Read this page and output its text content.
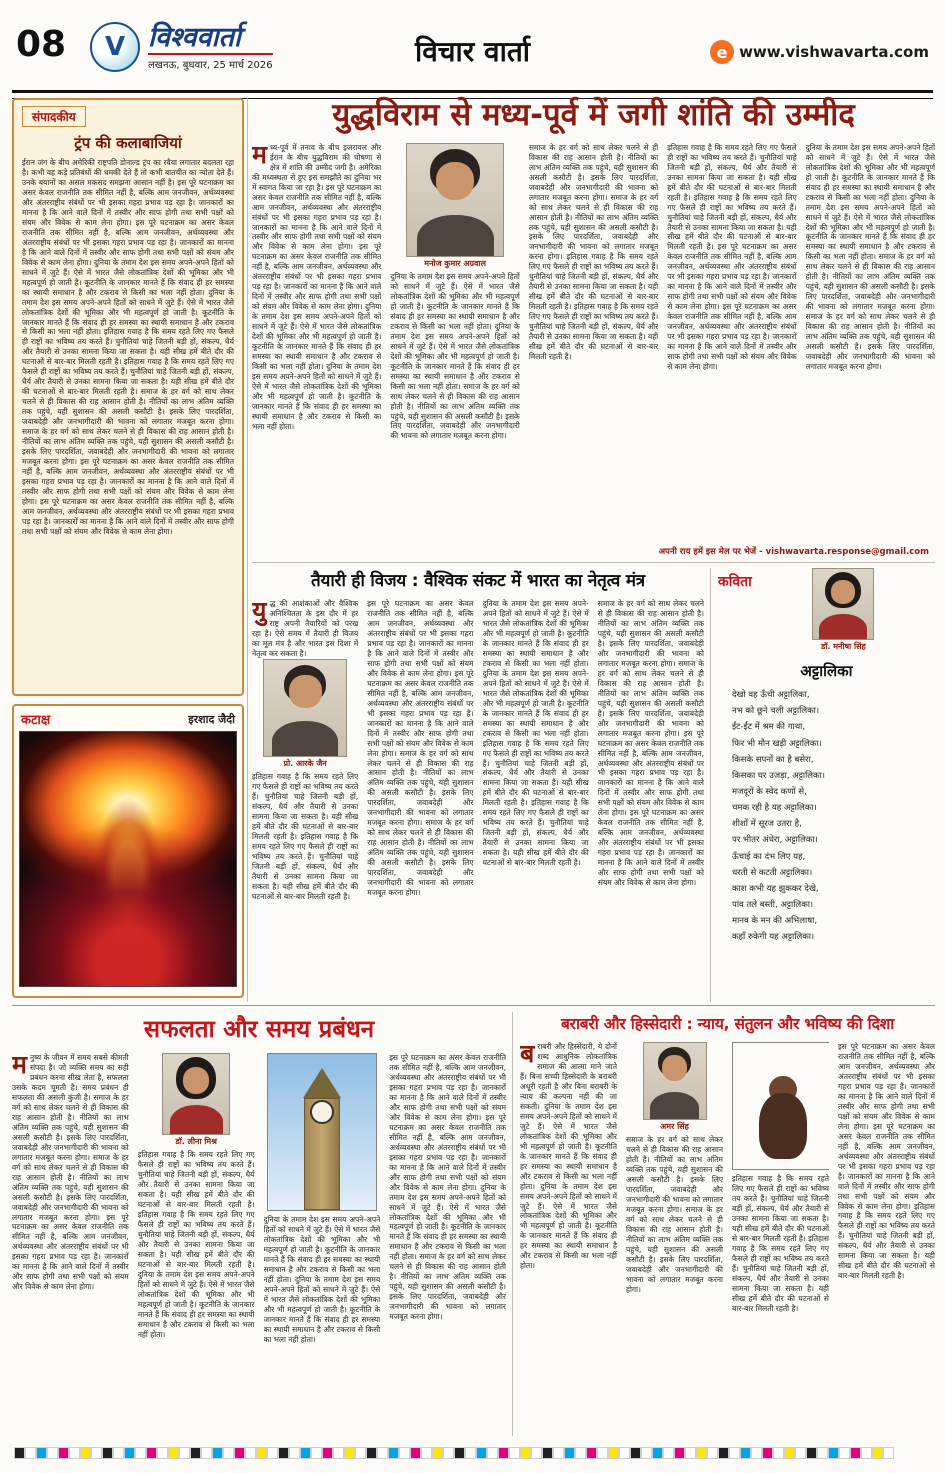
08	V विश्ववार्ता
लखनऊ, बुधवार, 25 मार्च 2026	विचार वार्ता	e www.vishwavarta.com
संपादकीय
ट्रंप की कलाबाजियां
ईरान जंग के बीच अमेरिकी राष्ट्रपति डोनाल्ड ट्रंप का रवैया लगातार बदलता रहा है। कभी वह कड़े प्रतिबंधों की धमकी देते हैं तो कभी बातचीत का न्योता देते हैं। उनके बयानों का असल मकसद समझना आसान नहीं है। इस पूरे घटनाक्रम का असर केवल राजनीति तक सीमित नहीं है, बल्कि आम जनजीवन, अर्थव्यवस्था और अंतरराष्ट्रीय संबंधों पर भी इसका गहरा प्रभाव पड़ रहा है। जानकारों का मानना है कि आने वाले दिनों में तस्वीर और साफ होगी तथा सभी पक्षों को संयम और विवेक से काम लेना होगा। इस पूरे घटनाक्रम का असर केवल राजनीति तक सीमित नहीं है, बल्कि आम जनजीवन, अर्थव्यवस्था और अंतरराष्ट्रीय संबंधों पर भी इसका गहरा प्रभाव पड़ रहा है। जानकारों का मानना है कि आने वाले दिनों में तस्वीर और साफ होगी तथा सभी पक्षों को संयम और विवेक से काम लेना होगा। दुनिया के तमाम देश इस समय अपने-अपने हितों को साधने में जुटे हैं। ऐसे में भारत जैसे लोकतांत्रिक देशों की भूमिका और भी महत्वपूर्ण हो जाती है। कूटनीति के जानकार मानते हैं कि संवाद ही हर समस्या का स्थायी समाधान है और टकराव से किसी का भला नहीं होता। दुनिया के तमाम देश इस समय अपने-अपने हितों को साधने में जुटे हैं। ऐसे में भारत जैसे लोकतांत्रिक देशों की भूमिका और भी महत्वपूर्ण हो जाती है। कूटनीति के जानकार मानते हैं कि संवाद ही हर समस्या का स्थायी समाधान है और टकराव से किसी का भला नहीं होता। इतिहास गवाह है कि समय रहते लिए गए फैसले ही राष्ट्रों का भविष्य तय करते हैं। चुनौतियां चाहे जितनी बड़ी हों, संकल्प, धैर्य और तैयारी से उनका सामना किया जा सकता है। यही सीख हमें बीते दौर की घटनाओं से बार-बार मिलती रहती है। इतिहास गवाह है कि समय रहते लिए गए फैसले ही राष्ट्रों का भविष्य तय करते हैं। चुनौतियां चाहे जितनी बड़ी हों, संकल्प, धैर्य और तैयारी से उनका सामना किया जा सकता है। यही सीख हमें बीते दौर की घटनाओं से बार-बार मिलती रहती है। समाज के हर वर्ग को साथ लेकर चलने से ही विकास की राह आसान होती है। नीतियों का लाभ अंतिम व्यक्ति तक पहुंचे, यही सुशासन की असली कसौटी है। इसके लिए पारदर्शिता, जवाबदेही और जनभागीदारी की भावना को लगातार मजबूत करना होगा। समाज के हर वर्ग को साथ लेकर चलने से ही विकास की राह आसान होती है। नीतियों का लाभ अंतिम व्यक्ति तक पहुंचे, यही सुशासन की असली कसौटी है। इसके लिए पारदर्शिता, जवाबदेही और जनभागीदारी की भावना को लगातार मजबूत करना होगा। इस पूरे घटनाक्रम का असर केवल राजनीति तक सीमित नहीं है, बल्कि आम जनजीवन, अर्थव्यवस्था और अंतरराष्ट्रीय संबंधों पर भी इसका गहरा प्रभाव पड़ रहा है। जानकारों का मानना है कि आने वाले दिनों में तस्वीर और साफ होगी तथा सभी पक्षों को संयम और विवेक से काम लेना होगा। इस पूरे घटनाक्रम का असर केवल राजनीति तक सीमित नहीं है, बल्कि आम जनजीवन, अर्थव्यवस्था और अंतरराष्ट्रीय संबंधों पर भी इसका गहरा प्रभाव पड़ रहा है। जानकारों का मानना है कि आने वाले दिनों में तस्वीर और साफ होगी तथा सभी पक्षों को संयम और विवेक से काम लेना होगा।
कटाक्ष	इरशाद जैदी
युद्धविराम से मध्य-पूर्व में जगी शांति की उम्मीद
म ध्य-पूर्व में तनाव के बीच इजरायल और ईरान के बीच युद्धविराम की घोषणा से क्षेत्र में शांति की उम्मीद जगी है। अमेरिका की मध्यस्थता से हुए इस समझौते का दुनिया भर में स्वागत किया जा रहा है। इस पूरे घटनाक्रम का असर केवल राजनीति तक सीमित नहीं है, बल्कि आम जनजीवन, अर्थव्यवस्था और अंतरराष्ट्रीय संबंधों पर भी इसका गहरा प्रभाव पड़ रहा है। जानकारों का मानना है कि आने वाले दिनों में तस्वीर और साफ होगी तथा सभी पक्षों को संयम और विवेक से काम लेना होगा। इस पूरे घटनाक्रम का असर केवल राजनीति तक सीमित नहीं है, बल्कि आम जनजीवन, अर्थव्यवस्था और अंतरराष्ट्रीय संबंधों पर भी इसका गहरा प्रभाव पड़ रहा है। जानकारों का मानना है कि आने वाले दिनों में तस्वीर और साफ होगी तथा सभी पक्षों को संयम और विवेक से काम लेना होगा। दुनिया के तमाम देश इस समय अपने-अपने हितों को साधने में जुटे हैं। ऐसे में भारत जैसे लोकतांत्रिक देशों की भूमिका और भी महत्वपूर्ण हो जाती है। कूटनीति के जानकार मानते हैं कि संवाद ही हर समस्या का स्थायी समाधान है और टकराव से किसी का भला नहीं होता। दुनिया के तमाम देश इस समय अपने-अपने हितों को साधने में जुटे हैं। ऐसे में भारत जैसे लोकतांत्रिक देशों की भूमिका और भी महत्वपूर्ण हो जाती है। कूटनीति के जानकार मानते हैं कि संवाद ही हर समस्या का स्थायी समाधान है और टकराव से किसी का भला नहीं होता।
मनोज कुमार अग्रवाल
दुनिया के तमाम देश इस समय अपने-अपने हितों को साधने में जुटे हैं। ऐसे में भारत जैसे लोकतांत्रिक देशों की भूमिका और भी महत्वपूर्ण हो जाती है। कूटनीति के जानकार मानते हैं कि संवाद ही हर समस्या का स्थायी समाधान है और टकराव से किसी का भला नहीं होता। दुनिया के तमाम देश इस समय अपने-अपने हितों को साधने में जुटे हैं। ऐसे में भारत जैसे लोकतांत्रिक देशों की भूमिका और भी महत्वपूर्ण हो जाती है। कूटनीति के जानकार मानते हैं कि संवाद ही हर समस्या का स्थायी समाधान है और टकराव से किसी का भला नहीं होता। समाज के हर वर्ग को साथ लेकर चलने से ही विकास की राह आसान होती है। नीतियों का लाभ अंतिम व्यक्ति तक पहुंचे, यही सुशासन की असली कसौटी है। इसके लिए पारदर्शिता, जवाबदेही और जनभागीदारी की भावना को लगातार मजबूत करना होगा।
समाज के हर वर्ग को साथ लेकर चलने से ही विकास की राह आसान होती है। नीतियों का लाभ अंतिम व्यक्ति तक पहुंचे, यही सुशासन की असली कसौटी है। इसके लिए पारदर्शिता, जवाबदेही और जनभागीदारी की भावना को लगातार मजबूत करना होगा। समाज के हर वर्ग को साथ लेकर चलने से ही विकास की राह आसान होती है। नीतियों का लाभ अंतिम व्यक्ति तक पहुंचे, यही सुशासन की असली कसौटी है। इसके लिए पारदर्शिता, जवाबदेही और जनभागीदारी की भावना को लगातार मजबूत करना होगा। इतिहास गवाह है कि समय रहते लिए गए फैसले ही राष्ट्रों का भविष्य तय करते हैं। चुनौतियां चाहे जितनी बड़ी हों, संकल्प, धैर्य और तैयारी से उनका सामना किया जा सकता है। यही सीख हमें बीते दौर की घटनाओं से बार-बार मिलती रहती है। इतिहास गवाह है कि समय रहते लिए गए फैसले ही राष्ट्रों का भविष्य तय करते हैं। चुनौतियां चाहे जितनी बड़ी हों, संकल्प, धैर्य और तैयारी से उनका सामना किया जा सकता है। यही सीख हमें बीते दौर की घटनाओं से बार-बार मिलती रहती है।
इतिहास गवाह है कि समय रहते लिए गए फैसले ही राष्ट्रों का भविष्य तय करते हैं। चुनौतियां चाहे जितनी बड़ी हों, संकल्प, धैर्य और तैयारी से उनका सामना किया जा सकता है। यही सीख हमें बीते दौर की घटनाओं से बार-बार मिलती रहती है। इतिहास गवाह है कि समय रहते लिए गए फैसले ही राष्ट्रों का भविष्य तय करते हैं। चुनौतियां चाहे जितनी बड़ी हों, संकल्प, धैर्य और तैयारी से उनका सामना किया जा सकता है। यही सीख हमें बीते दौर की घटनाओं से बार-बार मिलती रहती है। इस पूरे घटनाक्रम का असर केवल राजनीति तक सीमित नहीं है, बल्कि आम जनजीवन, अर्थव्यवस्था और अंतरराष्ट्रीय संबंधों पर भी इसका गहरा प्रभाव पड़ रहा है। जानकारों का मानना है कि आने वाले दिनों में तस्वीर और साफ होगी तथा सभी पक्षों को संयम और विवेक से काम लेना होगा। इस पूरे घटनाक्रम का असर केवल राजनीति तक सीमित नहीं है, बल्कि आम जनजीवन, अर्थव्यवस्था और अंतरराष्ट्रीय संबंधों पर भी इसका गहरा प्रभाव पड़ रहा है। जानकारों का मानना है कि आने वाले दिनों में तस्वीर और साफ होगी तथा सभी पक्षों को संयम और विवेक से काम लेना होगा।
दुनिया के तमाम देश इस समय अपने-अपने हितों को साधने में जुटे हैं। ऐसे में भारत जैसे लोकतांत्रिक देशों की भूमिका और भी महत्वपूर्ण हो जाती है। कूटनीति के जानकार मानते हैं कि संवाद ही हर समस्या का स्थायी समाधान है और टकराव से किसी का भला नहीं होता। दुनिया के तमाम देश इस समय अपने-अपने हितों को साधने में जुटे हैं। ऐसे में भारत जैसे लोकतांत्रिक देशों की भूमिका और भी महत्वपूर्ण हो जाती है। कूटनीति के जानकार मानते हैं कि संवाद ही हर समस्या का स्थायी समाधान है और टकराव से किसी का भला नहीं होता। समाज के हर वर्ग को साथ लेकर चलने से ही विकास की राह आसान होती है। नीतियों का लाभ अंतिम व्यक्ति तक पहुंचे, यही सुशासन की असली कसौटी है। इसके लिए पारदर्शिता, जवाबदेही और जनभागीदारी की भावना को लगातार मजबूत करना होगा। समाज के हर वर्ग को साथ लेकर चलने से ही विकास की राह आसान होती है। नीतियों का लाभ अंतिम व्यक्ति तक पहुंचे, यही सुशासन की असली कसौटी है। इसके लिए पारदर्शिता, जवाबदेही और जनभागीदारी की भावना को लगातार मजबूत करना होगा।
अपनी राय हमें इस मेल पर भेजें - vishwavarta.response@gmail.com
तैयारी ही विजय : वैश्विक संकट में भारत का नेतृत्व मंत्र
यु द्ध की आशंकाओं और वैश्विक अनिश्चितता के इस दौर में हर राष्ट्र अपनी तैयारियों को परख रहा है। ऐसे समय में तैयारी ही विजय का मूल मंत्र है और भारत इस दिशा में नेतृत्व कर सकता है।
प्रो. आरके जैन
इतिहास गवाह है कि समय रहते लिए गए फैसले ही राष्ट्रों का भविष्य तय करते हैं। चुनौतियां चाहे जितनी बड़ी हों, संकल्प, धैर्य और तैयारी से उनका सामना किया जा सकता है। यही सीख हमें बीते दौर की घटनाओं से बार-बार मिलती रहती है। इतिहास गवाह है कि समय रहते लिए गए फैसले ही राष्ट्रों का भविष्य तय करते हैं। चुनौतियां चाहे जितनी बड़ी हों, संकल्प, धैर्य और तैयारी से उनका सामना किया जा सकता है। यही सीख हमें बीते दौर की घटनाओं से बार-बार मिलती रहती है।
इस पूरे घटनाक्रम का असर केवल राजनीति तक सीमित नहीं है, बल्कि आम जनजीवन, अर्थव्यवस्था और अंतरराष्ट्रीय संबंधों पर भी इसका गहरा प्रभाव पड़ रहा है। जानकारों का मानना है कि आने वाले दिनों में तस्वीर और साफ होगी तथा सभी पक्षों को संयम और विवेक से काम लेना होगा। इस पूरे घटनाक्रम का असर केवल राजनीति तक सीमित नहीं है, बल्कि आम जनजीवन, अर्थव्यवस्था और अंतरराष्ट्रीय संबंधों पर भी इसका गहरा प्रभाव पड़ रहा है। जानकारों का मानना है कि आने वाले दिनों में तस्वीर और साफ होगी तथा सभी पक्षों को संयम और विवेक से काम लेना होगा। समाज के हर वर्ग को साथ लेकर चलने से ही विकास की राह आसान होती है। नीतियों का लाभ अंतिम व्यक्ति तक पहुंचे, यही सुशासन की असली कसौटी है। इसके लिए पारदर्शिता, जवाबदेही और जनभागीदारी की भावना को लगातार मजबूत करना होगा। समाज के हर वर्ग को साथ लेकर चलने से ही विकास की राह आसान होती है। नीतियों का लाभ अंतिम व्यक्ति तक पहुंचे, यही सुशासन की असली कसौटी है। इसके लिए पारदर्शिता, जवाबदेही और जनभागीदारी की भावना को लगातार मजबूत करना होगा।
दुनिया के तमाम देश इस समय अपने-अपने हितों को साधने में जुटे हैं। ऐसे में भारत जैसे लोकतांत्रिक देशों की भूमिका और भी महत्वपूर्ण हो जाती है। कूटनीति के जानकार मानते हैं कि संवाद ही हर समस्या का स्थायी समाधान है और टकराव से किसी का भला नहीं होता। दुनिया के तमाम देश इस समय अपने-अपने हितों को साधने में जुटे हैं। ऐसे में भारत जैसे लोकतांत्रिक देशों की भूमिका और भी महत्वपूर्ण हो जाती है। कूटनीति के जानकार मानते हैं कि संवाद ही हर समस्या का स्थायी समाधान है और टकराव से किसी का भला नहीं होता। इतिहास गवाह है कि समय रहते लिए गए फैसले ही राष्ट्रों का भविष्य तय करते हैं। चुनौतियां चाहे जितनी बड़ी हों, संकल्प, धैर्य और तैयारी से उनका सामना किया जा सकता है। यही सीख हमें बीते दौर की घटनाओं से बार-बार मिलती रहती है। इतिहास गवाह है कि समय रहते लिए गए फैसले ही राष्ट्रों का भविष्य तय करते हैं। चुनौतियां चाहे जितनी बड़ी हों, संकल्प, धैर्य और तैयारी से उनका सामना किया जा सकता है। यही सीख हमें बीते दौर की घटनाओं से बार-बार मिलती रहती है।
समाज के हर वर्ग को साथ लेकर चलने से ही विकास की राह आसान होती है। नीतियों का लाभ अंतिम व्यक्ति तक पहुंचे, यही सुशासन की असली कसौटी है। इसके लिए पारदर्शिता, जवाबदेही और जनभागीदारी की भावना को लगातार मजबूत करना होगा। समाज के हर वर्ग को साथ लेकर चलने से ही विकास की राह आसान होती है। नीतियों का लाभ अंतिम व्यक्ति तक पहुंचे, यही सुशासन की असली कसौटी है। इसके लिए पारदर्शिता, जवाबदेही और जनभागीदारी की भावना को लगातार मजबूत करना होगा। इस पूरे घटनाक्रम का असर केवल राजनीति तक सीमित नहीं है, बल्कि आम जनजीवन, अर्थव्यवस्था और अंतरराष्ट्रीय संबंधों पर भी इसका गहरा प्रभाव पड़ रहा है। जानकारों का मानना है कि आने वाले दिनों में तस्वीर और साफ होगी तथा सभी पक्षों को संयम और विवेक से काम लेना होगा। इस पूरे घटनाक्रम का असर केवल राजनीति तक सीमित नहीं है, बल्कि आम जनजीवन, अर्थव्यवस्था और अंतरराष्ट्रीय संबंधों पर भी इसका गहरा प्रभाव पड़ रहा है। जानकारों का मानना है कि आने वाले दिनों में तस्वीर और साफ होगी तथा सभी पक्षों को संयम और विवेक से काम लेना होगा।
कविता
डॉ. मनीषा सिंह
अट्टालिका
देखो वह ऊँची अट्टालिका,
नभ को छूने चली अट्टालिका।
ईंट-ईंट में श्रम की गाथा,
फिर भी मौन खड़ी अट्टालिका।
किसके सपनों का है बसेरा,
किसका घर उजड़ा, अट्टालिका।
मजदूरों के स्वेद कणों से,
चमक रही है यह अट्टालिका।
शीशों में सूरज उतरा है,
पर भीतर अंधेरा, अट्टालिका।
ऊँचाई का दंभ लिए यह,
धरती से कटती अट्टालिका।
काश कभी यह झुककर देखे,
पांव तले बस्ती, अट्टालिका।
मानव के मन की अभिलाषा,
कहाँ रुकेगी यह अट्टालिका।
सफलता और समय प्रबंधन
म नुष्य के जीवन में समय सबसे कीमती संपदा है। जो व्यक्ति समय का सही प्रबंधन करना सीख लेता है, सफलता उसके कदम चूमती है। समय प्रबंधन ही सफलता की असली कुंजी है। समाज के हर वर्ग को साथ लेकर चलने से ही विकास की राह आसान होती है। नीतियों का लाभ अंतिम व्यक्ति तक पहुंचे, यही सुशासन की असली कसौटी है। इसके लिए पारदर्शिता, जवाबदेही और जनभागीदारी की भावना को लगातार मजबूत करना होगा। समाज के हर वर्ग को साथ लेकर चलने से ही विकास की राह आसान होती है। नीतियों का लाभ अंतिम व्यक्ति तक पहुंचे, यही सुशासन की असली कसौटी है। इसके लिए पारदर्शिता, जवाबदेही और जनभागीदारी की भावना को लगातार मजबूत करना होगा। इस पूरे घटनाक्रम का असर केवल राजनीति तक सीमित नहीं है, बल्कि आम जनजीवन, अर्थव्यवस्था और अंतरराष्ट्रीय संबंधों पर भी इसका गहरा प्रभाव पड़ रहा है। जानकारों का मानना है कि आने वाले दिनों में तस्वीर और साफ होगी तथा सभी पक्षों को संयम और विवेक से काम लेना होगा।
डॉ. लीना मिश्र
इतिहास गवाह है कि समय रहते लिए गए फैसले ही राष्ट्रों का भविष्य तय करते हैं। चुनौतियां चाहे जितनी बड़ी हों, संकल्प, धैर्य और तैयारी से उनका सामना किया जा सकता है। यही सीख हमें बीते दौर की घटनाओं से बार-बार मिलती रहती है। इतिहास गवाह है कि समय रहते लिए गए फैसले ही राष्ट्रों का भविष्य तय करते हैं। चुनौतियां चाहे जितनी बड़ी हों, संकल्प, धैर्य और तैयारी से उनका सामना किया जा सकता है। यही सीख हमें बीते दौर की घटनाओं से बार-बार मिलती रहती है। दुनिया के तमाम देश इस समय अपने-अपने हितों को साधने में जुटे हैं। ऐसे में भारत जैसे लोकतांत्रिक देशों की भूमिका और भी महत्वपूर्ण हो जाती है। कूटनीति के जानकार मानते हैं कि संवाद ही हर समस्या का स्थायी समाधान है और टकराव से किसी का भला नहीं होता।
दुनिया के तमाम देश इस समय अपने-अपने हितों को साधने में जुटे हैं। ऐसे में भारत जैसे लोकतांत्रिक देशों की भूमिका और भी महत्वपूर्ण हो जाती है। कूटनीति के जानकार मानते हैं कि संवाद ही हर समस्या का स्थायी समाधान है और टकराव से किसी का भला नहीं होता। दुनिया के तमाम देश इस समय अपने-अपने हितों को साधने में जुटे हैं। ऐसे में भारत जैसे लोकतांत्रिक देशों की भूमिका और भी महत्वपूर्ण हो जाती है। कूटनीति के जानकार मानते हैं कि संवाद ही हर समस्या का स्थायी समाधान है और टकराव से किसी का भला नहीं होता।
इस पूरे घटनाक्रम का असर केवल राजनीति तक सीमित नहीं है, बल्कि आम जनजीवन, अर्थव्यवस्था और अंतरराष्ट्रीय संबंधों पर भी इसका गहरा प्रभाव पड़ रहा है। जानकारों का मानना है कि आने वाले दिनों में तस्वीर और साफ होगी तथा सभी पक्षों को संयम और विवेक से काम लेना होगा। इस पूरे घटनाक्रम का असर केवल राजनीति तक सीमित नहीं है, बल्कि आम जनजीवन, अर्थव्यवस्था और अंतरराष्ट्रीय संबंधों पर भी इसका गहरा प्रभाव पड़ रहा है। जानकारों का मानना है कि आने वाले दिनों में तस्वीर और साफ होगी तथा सभी पक्षों को संयम और विवेक से काम लेना होगा। दुनिया के तमाम देश इस समय अपने-अपने हितों को साधने में जुटे हैं। ऐसे में भारत जैसे लोकतांत्रिक देशों की भूमिका और भी महत्वपूर्ण हो जाती है। कूटनीति के जानकार मानते हैं कि संवाद ही हर समस्या का स्थायी समाधान है और टकराव से किसी का भला नहीं होता। समाज के हर वर्ग को साथ लेकर चलने से ही विकास की राह आसान होती है। नीतियों का लाभ अंतिम व्यक्ति तक पहुंचे, यही सुशासन की असली कसौटी है। इसके लिए पारदर्शिता, जवाबदेही और जनभागीदारी की भावना को लगातार मजबूत करना होगा।
बराबरी और हिस्सेदारी : न्याय, संतुलन और भविष्य की दिशा
ब राबरी और हिस्सेदारी, ये दोनों शब्द आधुनिक लोकतांत्रिक समाज की आत्मा माने जाते हैं। बिना सच्ची हिस्सेदारी के बराबरी अधूरी रहती है और बिना बराबरी के न्याय की कल्पना नहीं की जा सकती। दुनिया के तमाम देश इस समय अपने-अपने हितों को साधने में जुटे हैं। ऐसे में भारत जैसे लोकतांत्रिक देशों की भूमिका और भी महत्वपूर्ण हो जाती है। कूटनीति के जानकार मानते हैं कि संवाद ही हर समस्या का स्थायी समाधान है और टकराव से किसी का भला नहीं होता। दुनिया के तमाम देश इस समय अपने-अपने हितों को साधने में जुटे हैं। ऐसे में भारत जैसे लोकतांत्रिक देशों की भूमिका और भी महत्वपूर्ण हो जाती है। कूटनीति के जानकार मानते हैं कि संवाद ही हर समस्या का स्थायी समाधान है और टकराव से किसी का भला नहीं होता।
अमर सिंह
समाज के हर वर्ग को साथ लेकर चलने से ही विकास की राह आसान होती है। नीतियों का लाभ अंतिम व्यक्ति तक पहुंचे, यही सुशासन की असली कसौटी है। इसके लिए पारदर्शिता, जवाबदेही और जनभागीदारी की भावना को लगातार मजबूत करना होगा। समाज के हर वर्ग को साथ लेकर चलने से ही विकास की राह आसान होती है। नीतियों का लाभ अंतिम व्यक्ति तक पहुंचे, यही सुशासन की असली कसौटी है। इसके लिए पारदर्शिता, जवाबदेही और जनभागीदारी की भावना को लगातार मजबूत करना होगा।
इतिहास गवाह है कि समय रहते लिए गए फैसले ही राष्ट्रों का भविष्य तय करते हैं। चुनौतियां चाहे जितनी बड़ी हों, संकल्प, धैर्य और तैयारी से उनका सामना किया जा सकता है। यही सीख हमें बीते दौर की घटनाओं से बार-बार मिलती रहती है। इतिहास गवाह है कि समय रहते लिए गए फैसले ही राष्ट्रों का भविष्य तय करते हैं। चुनौतियां चाहे जितनी बड़ी हों, संकल्प, धैर्य और तैयारी से उनका सामना किया जा सकता है। यही सीख हमें बीते दौर की घटनाओं से बार-बार मिलती रहती है।
इस पूरे घटनाक्रम का असर केवल राजनीति तक सीमित नहीं है, बल्कि आम जनजीवन, अर्थव्यवस्था और अंतरराष्ट्रीय संबंधों पर भी इसका गहरा प्रभाव पड़ रहा है। जानकारों का मानना है कि आने वाले दिनों में तस्वीर और साफ होगी तथा सभी पक्षों को संयम और विवेक से काम लेना होगा। इस पूरे घटनाक्रम का असर केवल राजनीति तक सीमित नहीं है, बल्कि आम जनजीवन, अर्थव्यवस्था और अंतरराष्ट्रीय संबंधों पर भी इसका गहरा प्रभाव पड़ रहा है। जानकारों का मानना है कि आने वाले दिनों में तस्वीर और साफ होगी तथा सभी पक्षों को संयम और विवेक से काम लेना होगा। इतिहास गवाह है कि समय रहते लिए गए फैसले ही राष्ट्रों का भविष्य तय करते हैं। चुनौतियां चाहे जितनी बड़ी हों, संकल्प, धैर्य और तैयारी से उनका सामना किया जा सकता है। यही सीख हमें बीते दौर की घटनाओं से बार-बार मिलती रहती है।
